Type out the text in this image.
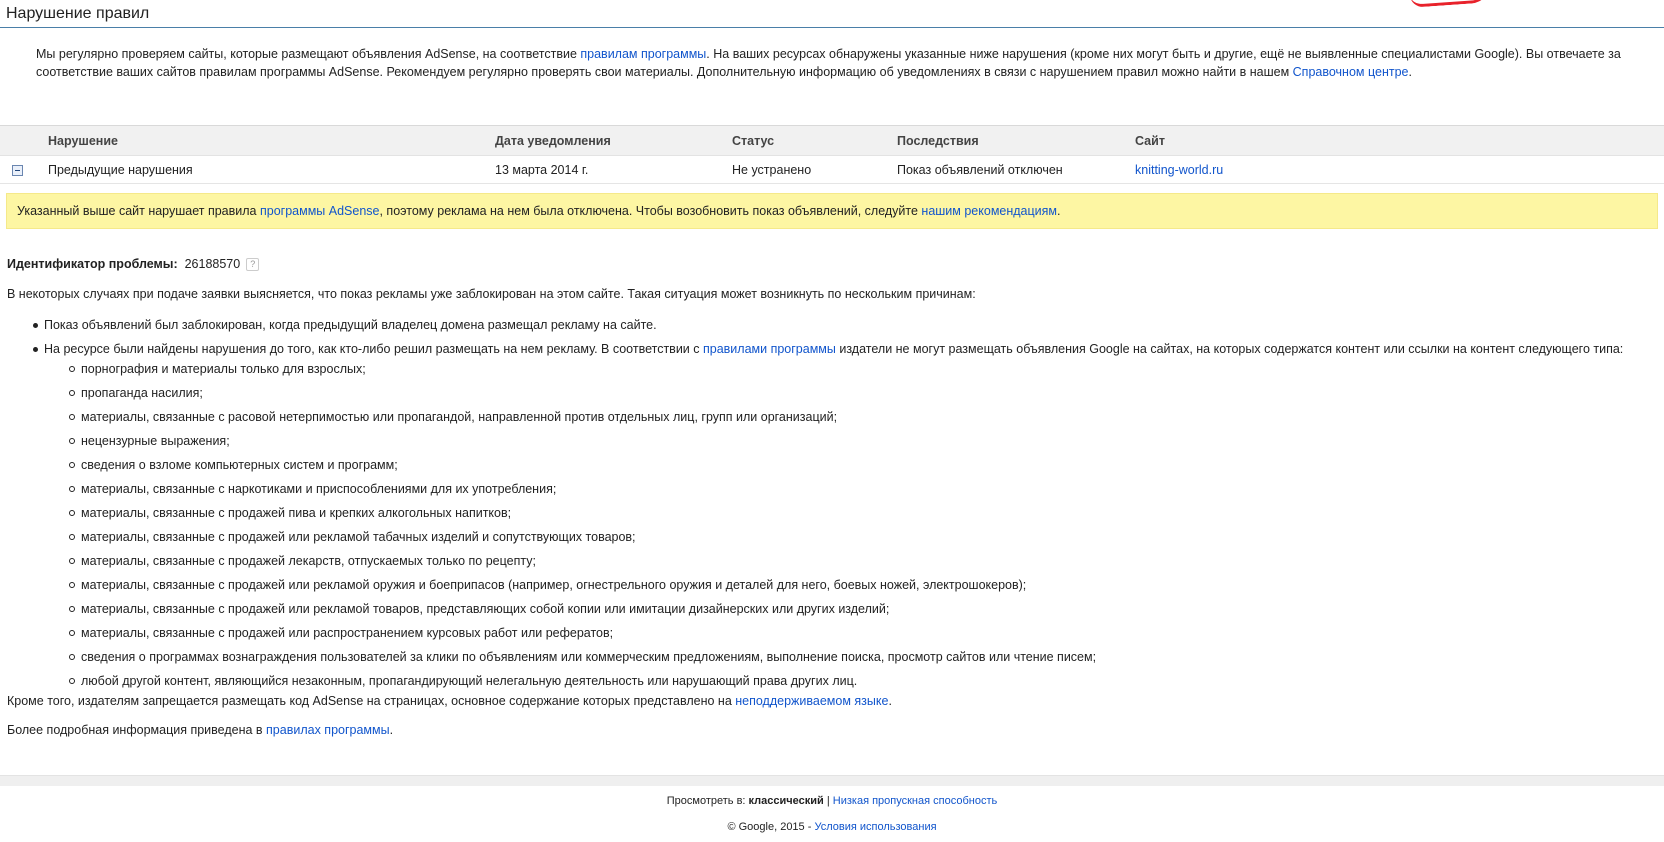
Нарушение правил
Мы регулярно проверяем сайты, которые размещают объявления AdSense, на соответствие правилам программы. На ваших ресурсах обнаружены указанные ниже нарушения (кроме них могут быть и другие, ещё не выявленные специалистами Google). Вы отвечаете за соответствие ваших сайтов правилам программы AdSense. Рекомендуем регулярно проверять свои материалы. Дополнительную информацию об уведомлениях в связи с нарушением правил можно найти в нашем Справочном центре.
	Нарушение	Дата уведомления	Статус	Последствия	Сайт
	Предыдущие нарушения	13 марта 2014 г.	Не устранено	Показ объявлений отключен	knitting-world.ru
Указанный выше сайт нарушает правила программы AdSense, поэтому реклама на нем была отключена. Чтобы возобновить показ объявлений, следуйте нашим рекомендациям.
Идентификатор проблемы: 26188570 ?
В некоторых случаях при подаче заявки выясняется, что показ рекламы уже заблокирован на этом сайте. Такая ситуация может возникнуть по нескольким причинам:
Показ объявлений был заблокирован, когда предыдущий владелец домена размещал рекламу на сайте.
На ресурсе были найдены нарушения до того, как кто-либо решил размещать на нем рекламу. В соответствии с правилами программы издатели не могут размещать объявления Google на сайтах, на которых содержатся контент или ссылки на контент следующего типа:
порнография и материалы только для взрослых;
пропаганда насилия;
материалы, связанные с расовой нетерпимостью или пропагандой, направленной против отдельных лиц, групп или организаций;
нецензурные выражения;
сведения о взломе компьютерных систем и программ;
материалы, связанные с наркотиками и приспособлениями для их употребления;
материалы, связанные с продажей пива и крепких алкогольных напитков;
материалы, связанные с продажей или рекламой табачных изделий и сопутствующих товаров;
материалы, связанные с продажей лекарств, отпускаемых только по рецепту;
материалы, связанные с продажей или рекламой оружия и боеприпасов (например, огнестрельного оружия и деталей для него, боевых ножей, электрошокеров);
материалы, связанные с продажей или рекламой товаров, представляющих собой копии или имитации дизайнерских или других изделий;
материалы, связанные с продажей или распространением курсовых работ или рефератов;
сведения о программах вознаграждения пользователей за клики по объявлениям или коммерческим предложениям, выполнение поиска, просмотр сайтов или чтение писем;
любой другой контент, являющийся незаконным, пропагандирующий нелегальную деятельность или нарушающий права других лиц.
Кроме того, издателям запрещается размещать код AdSense на страницах, основное содержание которых представлено на неподдерживаемом языке.
Более подробная информация приведена в правилах программы.
Просмотреть в: классический | Низкая пропускная способность
© Google, 2015 - Условия использования
